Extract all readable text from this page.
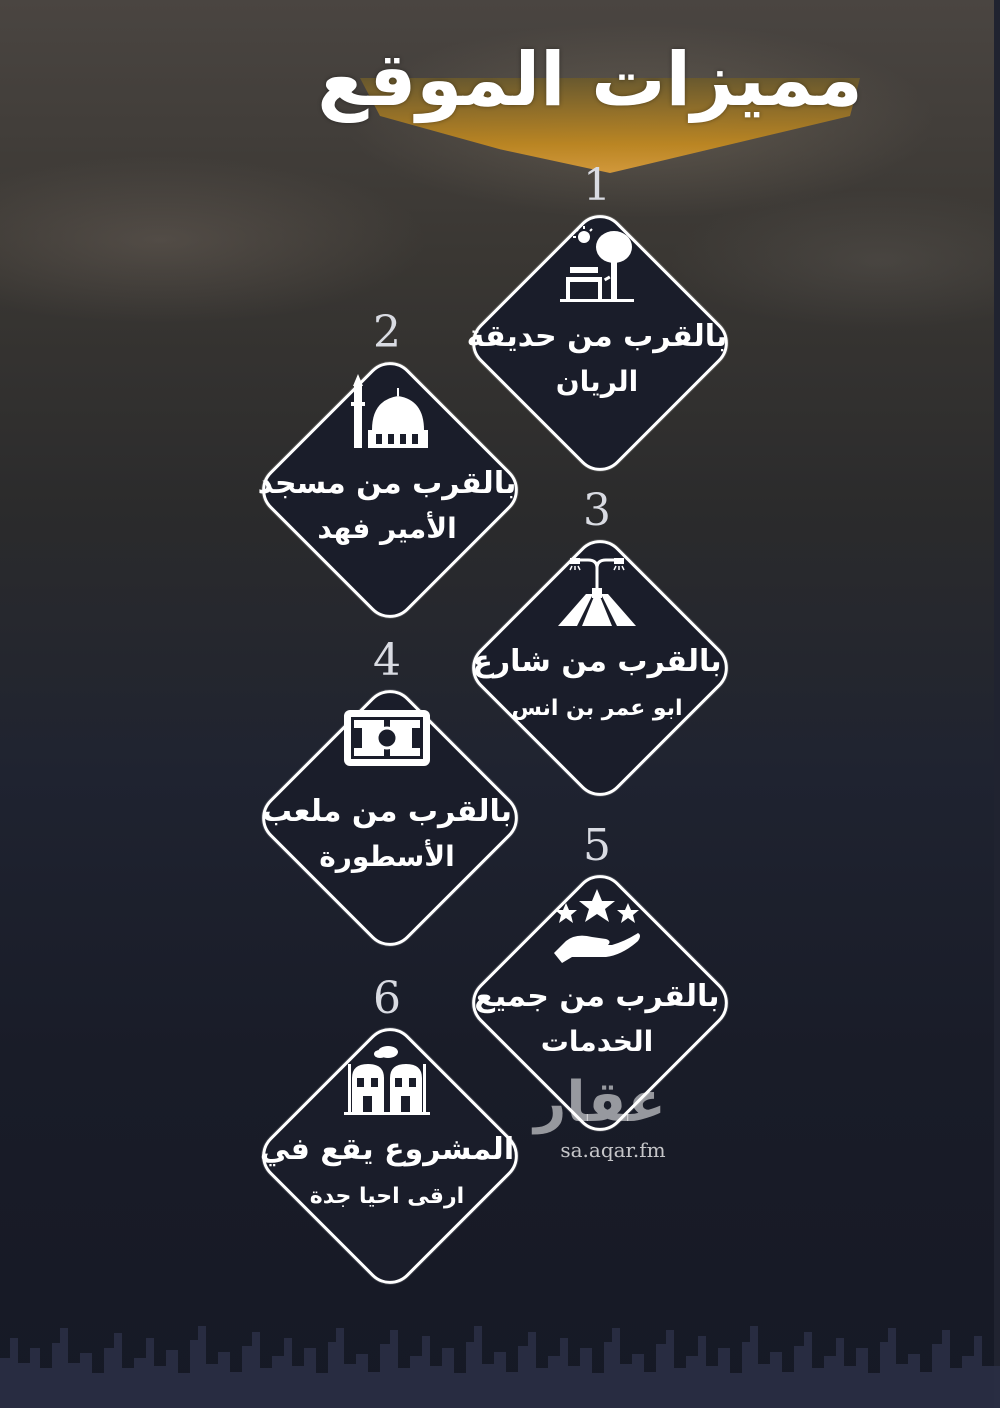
مميزات الموقع
1
بالقرب من حديقة
الريان
2
بالقرب من مسجد
الأمير فهد	3
بالقرب من شارع
ابو عمر بن انس
4
بالقرب من ملعب
الأسطورة	5
بالقرب من جميع
الخدمات
6
المشروع يقع في
ارقى احيا جدة
عقار
sa.aqar.fm
